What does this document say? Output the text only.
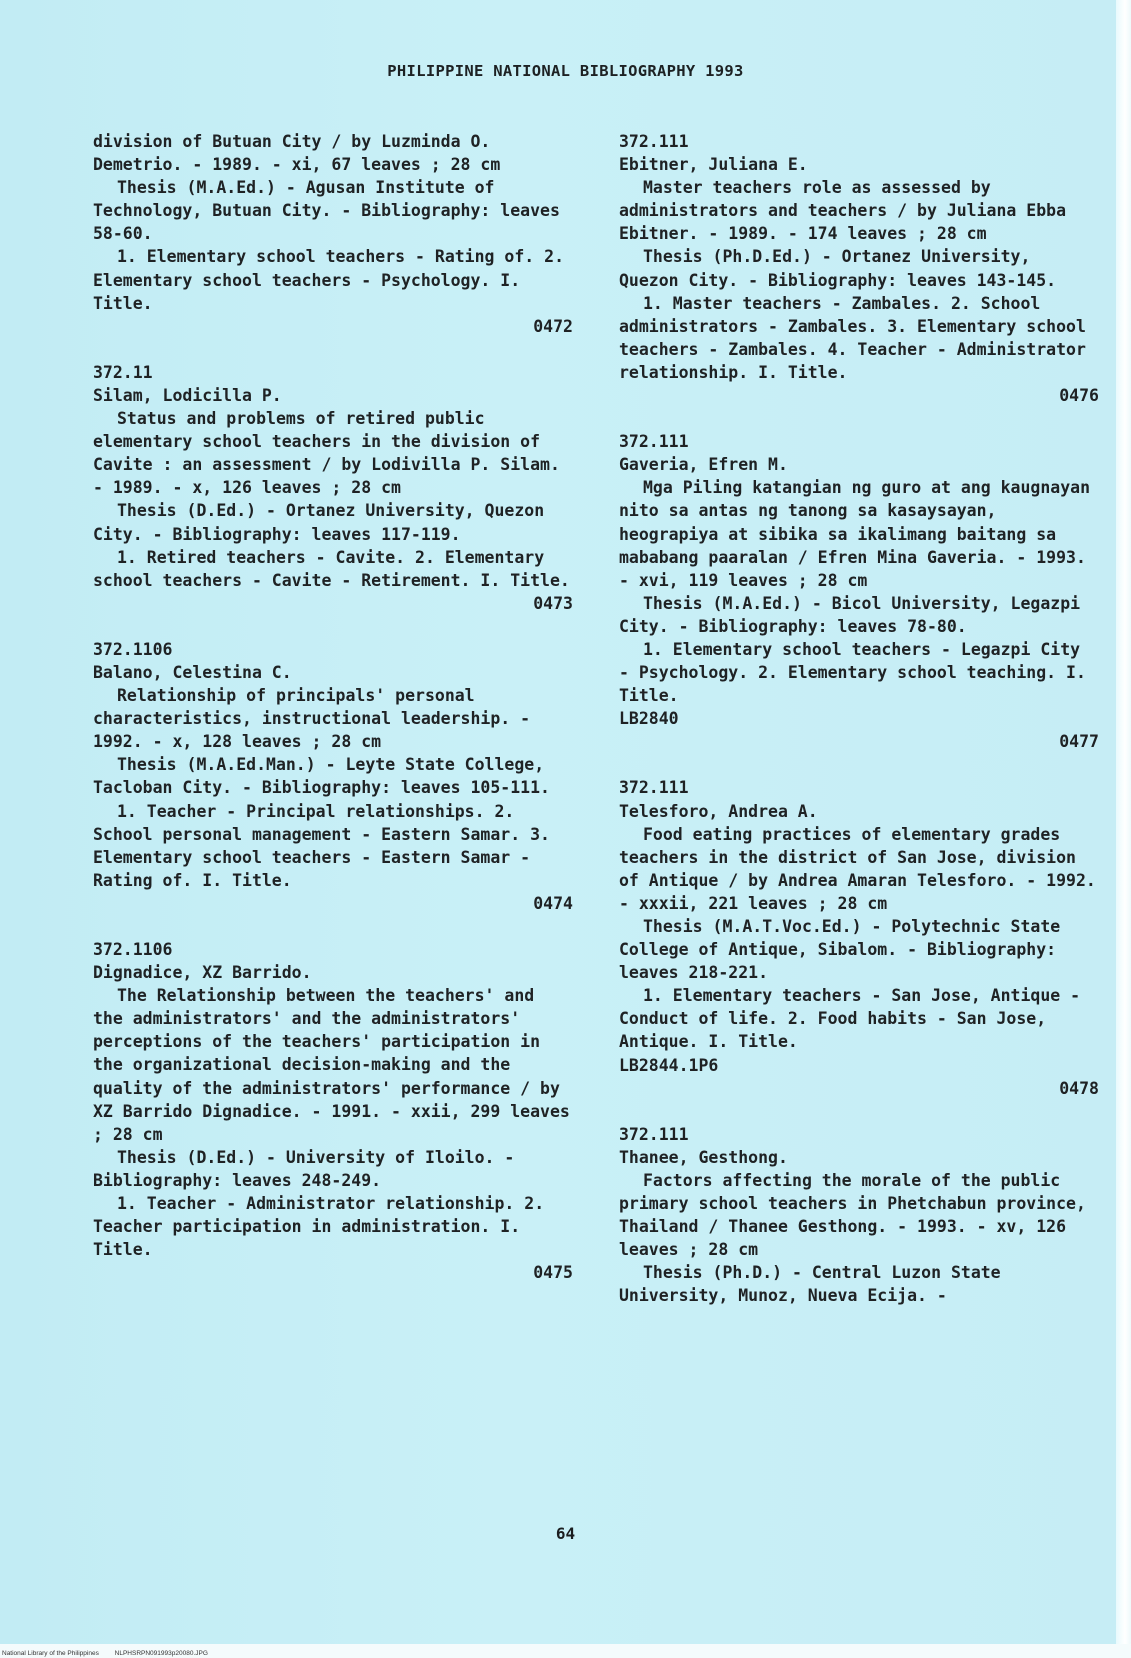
PHILIPPINE NATIONAL BIBLIOGRAPHY 1993

division of Butuan City / by Luzminda O. Demetrio. - 1989. - xi, 67 leaves ; 28 cm

Thesis (M.A.Ed.) - Agusan Institute of Technology, Butuan City. - Bibliography: leaves 58-60.

1. Elementary school teachers - Rating of. 2. Elementary school teachers - Psychology. I. Title.

0472

372.11

Silam, Lodicilla P.

Status and problems of retired public elementary school teachers in the division of Cavite : an assessment / by Lodivilla P. Silam. - 1989. - x, 126 leaves ; 28 cm

Thesis (D.Ed.) - Ortanez University, Quezon City. - Bibliography: leaves 117-119.

1. Retired teachers - Cavite. 2. Elementary school teachers - Cavite - Retirement. I. Title.

0473

372.1106

Balano, Celestina C.

Relationship of principals' personal characteristics, instructional leadership. - 1992. - x, 128 leaves ; 28 cm

Thesis (M.A.Ed.Man.) - Leyte State College, Tacloban City. - Bibliography: leaves 105-111.

1. Teacher - Principal relationships. 2. School personal management - Eastern Samar. 3. Elementary school teachers - Eastern Samar - Rating of. I. Title.

0474

372.1106

Dignadice, XZ Barrido.

The Relationship between the teachers' and the administrators' and the administrators' perceptions of the teachers' participation in the organizational decision-making and the quality of the administrators' performance / by XZ Barrido Dignadice. - 1991. - xxii, 299 leaves ; 28 cm

Thesis (D.Ed.) - University of Iloilo. - Bibliography: leaves 248-249.

1. Teacher - Administrator relationship. 2. Teacher participation in administration. I. Title.

0475

372.111

Ebitner, Juliana E.

Master teachers role as assessed by administrators and teachers / by Juliana Ebba Ebitner. - 1989. - 174 leaves ; 28 cm

Thesis (Ph.D.Ed.) - Ortanez University, Quezon City. - Bibliography: leaves 143-145.

1. Master teachers - Zambales. 2. School administrators - Zambales. 3. Elementary school teachers - Zambales. 4. Teacher - Administrator relationship. I. Title.

0476

372.111

Gaveria, Efren M.

Mga Piling katangian ng guro at ang kaugnayan nito sa antas ng tanong sa kasaysayan, heograpiya at sibika sa ikalimang baitang sa mababang paaralan / Efren Mina Gaveria. - 1993. - xvi, 119 leaves ; 28 cm

Thesis (M.A.Ed.) - Bicol University, Legazpi City. - Bibliography: leaves 78-80.

1. Elementary school teachers - Legazpi City - Psychology. 2. Elementary school teaching. I. Title.

LB2840

0477

372.111

Telesforo, Andrea A.

Food eating practices of elementary grades teachers in the district of San Jose, division of Antique / by Andrea Amaran Telesforo. - 1992. - xxxii, 221 leaves ; 28 cm

Thesis (M.A.T.Voc.Ed.) - Polytechnic State College of Antique, Sibalom. - Bibliography: leaves 218-221.

1. Elementary teachers - San Jose, Antique - Conduct of life. 2. Food habits - San Jose, Antique. I. Title.

LB2844.1P6

0478

372.111

Thanee, Gesthong.

Factors affecting the morale of the public primary school teachers in Phetchabun province, Thailand / Thanee Gesthong. - 1993. - xv, 126 leaves ; 28 cm

Thesis (Ph.D.) - Central Luzon State University, Munoz, Nueva Ecija. -

64
National Library of the Philippines NLPHSRPN091993p20080.JPG
